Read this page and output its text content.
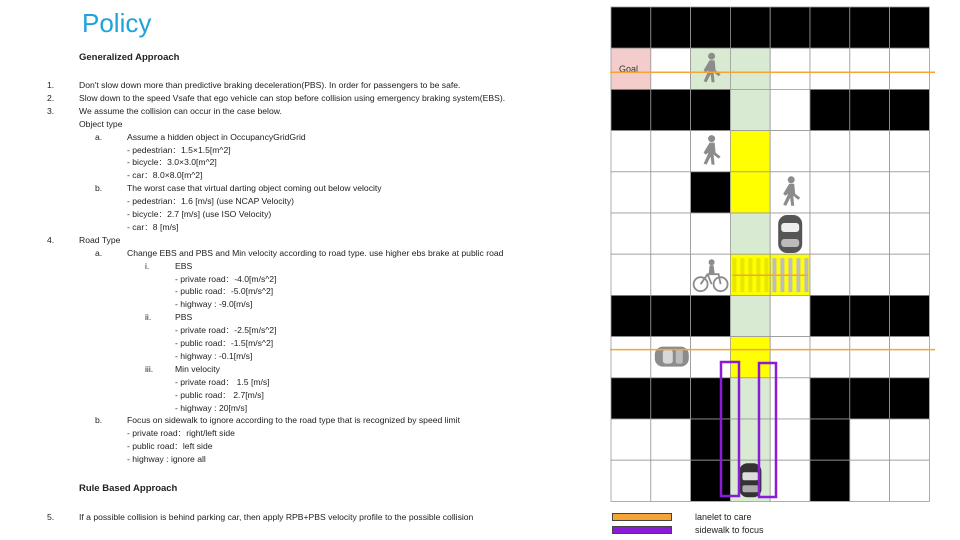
Policy
Generalized Approach
1.	Don't slow down more than predictive braking deceleration(PBS). In order for passengers to be safe.
2.	Slow down to the speed Vsafe that ego vehicle can stop before collision using emergency braking system(EBS).
3.	We assume the collision can occur in the case below.
Object type
a.	Assume a hidden object in OccupancyGridGrid
- pedestrian：1.5×1.5[m^2]
- bicycle：3.0×3.0[m^2]
- car：8.0×8.0[m^2]
b.	The worst case that virtual darting object coming out below velocity
- pedestrian：1.6 [m/s] (use NCAP Velocity)
- bicycle：2.7 [m/s] (use ISO Velocity)
- car：8 [m/s]
4.	Road Type
a.	Change EBS and PBS and Min velocity according to road type. use higher ebs brake at public road
i.	EBS
- private road：-4.0[m/s^2]
- public road：-5.0[m/s^2]
- highway : -9.0[m/s]
ii.	PBS
- private road：-2.5[m/s^2]
- public road：-1.5[m/s^2]
- highway : -0.1[m/s]
iii.	Min velocity
- private road： 1.5 [m/s]
- public road： 2.7[m/s]
- highway : 20[m/s]
b.	Focus on sidewalk to ignore according to the road type that is recognized by speed limit
- private road：right/left side
- public road：left side
- highway : ignore all
Rule Based Approach
5.	If a possible collision is behind parking car, then apply RPB+PBS velocity profile to the possible collision
Goal
lanelet to care
sidewalk to focus
